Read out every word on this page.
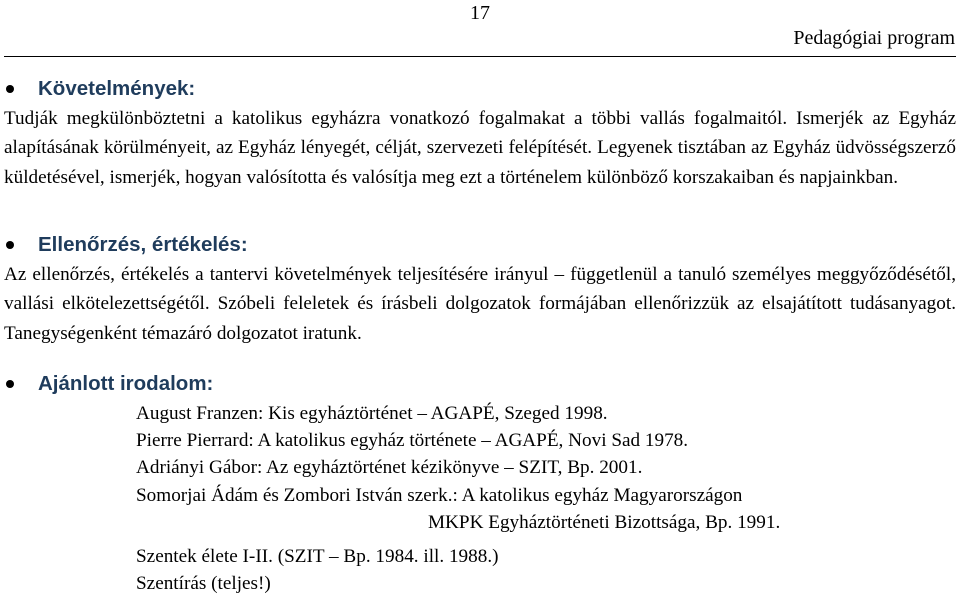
17
Pedagógiai program
Követelmények:

Tudják megkülönböztetni a katolikus egyházra vonatkozó fogalmakat a többi vallás fogalmaitól. Ismerjék az Egyház alapításának körülményeit, az Egyház lényegét, célját, szervezeti felépítését. Legyenek tisztában az Egyház üdvösségszerző küldetésével, ismerjék, hogyan valósította és valósítja meg ezt a történelem különböző korszakaiban és napjainkban.

Ellenőrzés, értékelés:

Az ellenőrzés, értékelés a tantervi követelmények teljesítésére irányul – függetlenül a tanuló személyes meggyőződésétől, vallási elkötelezettségétől. Szóbeli feleletek és írásbeli dolgozatok formájában ellenőrizzük az elsajátított tudásanyagot. Tanegységenként témazáró dolgozatot iratunk.

Ajánlott irodalom:
August Franzen: Kis egyháztörténet – AGAPÉ, Szeged 1998.
Pierre Pierrard: A katolikus egyház története – AGAPÉ, Novi Sad 1978.
Adriányi Gábor: Az egyháztörténet kézikönyve – SZIT, Bp. 2001.
Somorjai Ádám és Zombori István szerk.: A katolikus egyház Magyarországon
MKPK Egyháztörténeti Bizottsága, Bp. 1991.
Szentek élete I-II. (SZIT – Bp. 1984. ill. 1988.)
Szentírás (teljes!)
